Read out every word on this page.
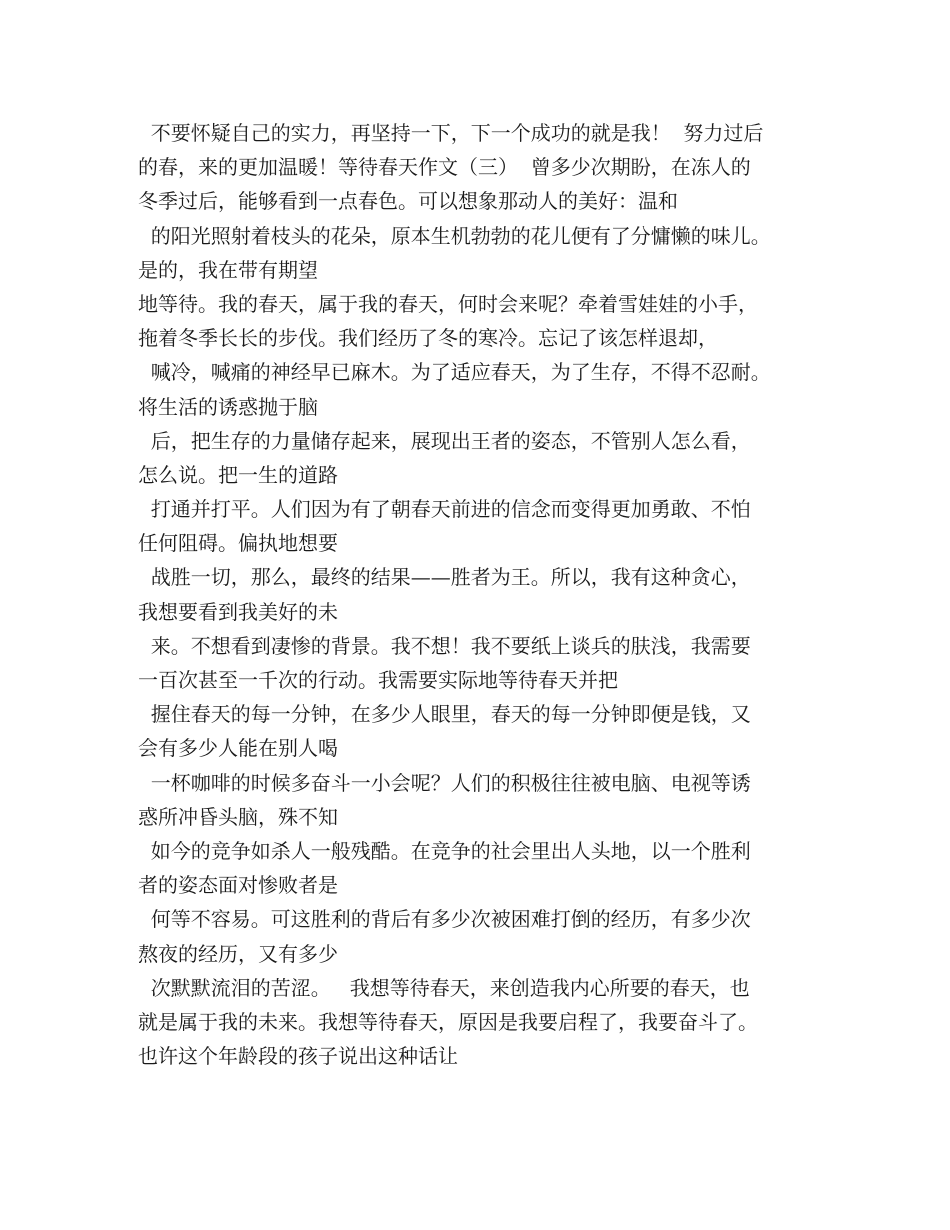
不要怀疑自己的实力，再坚持一下，下一个成功的就是我！  努力过后
的春，来的更加温暖！等待春天作文（三）  曾多少次期盼，在冻人的
冬季过后，能够看到一点春色。可以想象那动人的美好：温和
的阳光照射着枝头的花朵，原本生机勃勃的花儿便有了分慵懒的味儿。
是的，我在带有期望
地等待。我的春天，属于我的春天，何时会来呢？牵着雪娃娃的小手，
拖着冬季长长的步伐。我们经历了冬的寒冷。忘记了该怎样退却，
喊冷，喊痛的神经早已麻木。为了适应春天，为了生存，不得不忍耐。
将生活的诱惑抛于脑
后，把生存的力量储存起来，展现出王者的姿态，不管别人怎么看，
怎么说。把一生的道路
打通并打平。人们因为有了朝春天前进的信念而变得更加勇敢、不怕
任何阻碍。偏执地想要
战胜一切，那么，最终的结果——胜者为王。所以，我有这种贪心，
我想要看到我美好的未
来。不想看到凄惨的背景。我不想！我不要纸上谈兵的肤浅，我需要
一百次甚至一千次的行动。我需要实际地等待春天并把
握住春天的每一分钟，在多少人眼里，春天的每一分钟即便是钱，又
会有多少人能在别人喝
一杯咖啡的时候多奋斗一小会呢？人们的积极往往被电脑、电视等诱
惑所冲昏头脑，殊不知
如今的竞争如杀人一般残酷。在竞争的社会里出人头地，以一个胜利
者的姿态面对惨败者是
何等不容易。可这胜利的背后有多少次被困难打倒的经历，有多少次
熬夜的经历，又有多少
次默默流泪的苦涩。   我想等待春天，来创造我内心所要的春天，也
就是属于我的未来。我想等待春天，原因是我要启程了，我要奋斗了。
也许这个年龄段的孩子说出这种话让
